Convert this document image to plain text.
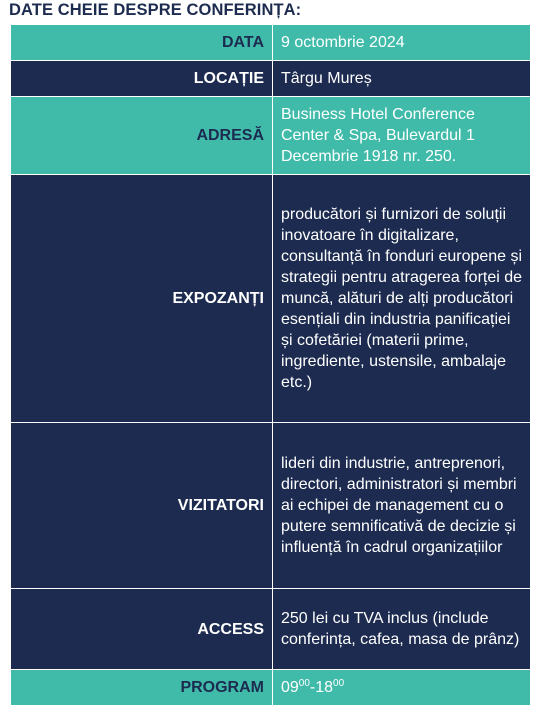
DATE CHEIE DESPRE CONFERINȚA:
DATA	9 octombrie 2024

LOCAȚIE	Târgu Mureș

ADRESĂ	Business Hotel Conference Center & Spa, Bulevardul 1 Decembrie 1918 nr. 250.

EXPOZANȚI	producători și furnizori de soluții inovatoare în digitalizare, consultanță în fonduri europene și strategii pentru atragerea forței de muncă, alături de alți producători esențiali din industria panificației și cofetăriei (materii prime, ingrediente, ustensile, ambalaje etc.)

VIZITATORI	lideri din industrie, antreprenori, directori, administratori și membri ai echipei de management cu o putere semnificativă de decizie și influență în cadrul organizațiilor

ACCESS	250 lei cu TVA inclus (include conferința, cafea, masa de prânz)

PROGRAM	$09^{00}-18^{00}$
